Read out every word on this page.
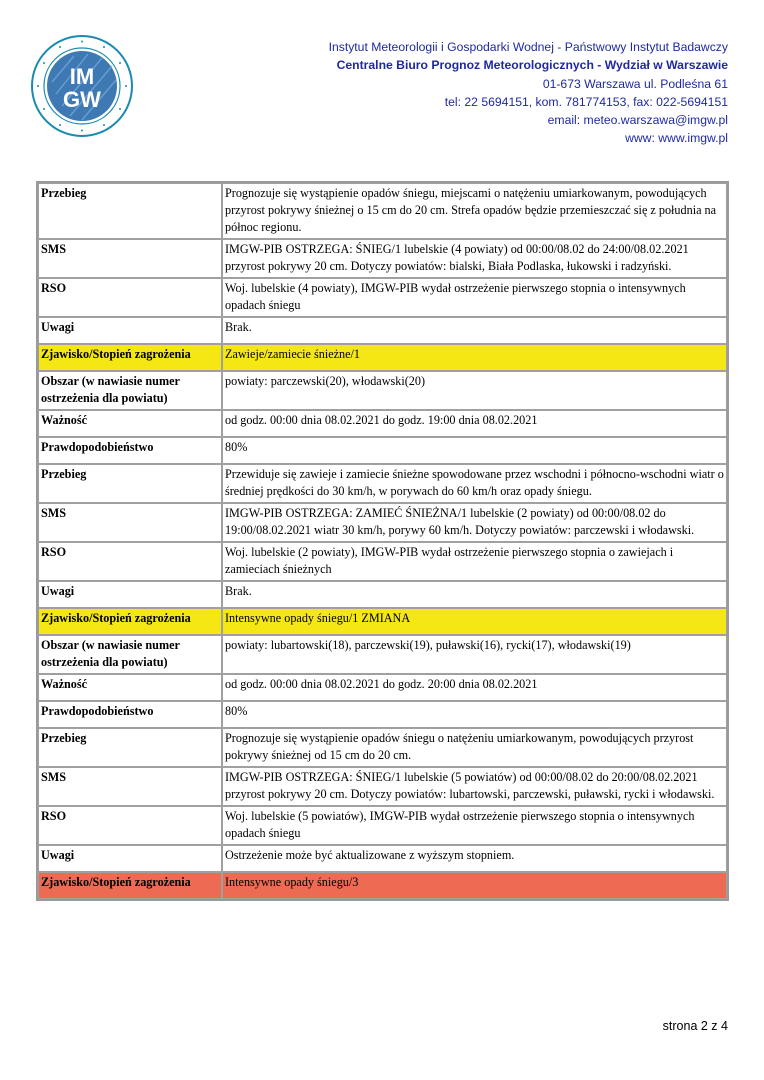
IM
GW
Instytut Meteorologii i Gospodarki Wodnej - Państwowy Instytut Badawczy
Centralne Biuro Prognoz Meteorologicznych - Wydział w Warszawie
01-673 Warszawa ul. Podleśna 61
tel: 22 5694151, kom. 781774153, fax: 022-5694151
email: meteo.warszawa@imgw.pl
www: www.imgw.pl
Przebieg	Prognozuje się wystąpienie opadów śniegu, miejscami o natężeniu umiarkowanym, powodujących przyrost pokrywy śnieżnej o 15 cm do 20 cm. Strefa opadów będzie przemieszczać się z południa na północ regionu.
SMS	IMGW-PIB OSTRZEGA: ŚNIEG/1 lubelskie (4 powiaty) od 00:00/08.02 do 24:00/08.02.2021 przyrost pokrywy 20 cm. Dotyczy powiatów: bialski, Biała Podlaska, łukowski i radzyński.
RSO	Woj. lubelskie (4 powiaty), IMGW-PIB wydał ostrzeżenie pierwszego stopnia o intensywnych opadach śniegu
Uwagi	Brak.
Zjawisko/Stopień zagrożenia	Zawieje/zamiecie śnieżne/1
Obszar (w nawiasie numer ostrzeżenia dla powiatu)	powiaty: parczewski(20), włodawski(20)
Ważność	od godz. 00:00 dnia 08.02.2021 do godz. 19:00 dnia 08.02.2021
Prawdopodobieństwo	80%
Przebieg	Przewiduje się zawieje i zamiecie śnieżne spowodowane przez wschodni i północno-wschodni wiatr o średniej prędkości do 30 km/h, w porywach do 60 km/h oraz opady śniegu.
SMS	IMGW-PIB OSTRZEGA: ZAMIEĆ ŚNIEŻNA/1 lubelskie (2 powiaty) od 00:00/08.02 do 19:00/08.02.2021 wiatr 30 km/h, porywy 60 km/h. Dotyczy powiatów: parczewski i włodawski.
RSO	Woj. lubelskie (2 powiaty), IMGW-PIB wydał ostrzeżenie pierwszego stopnia o zawiejach i zamieciach śnieżnych
Uwagi	Brak.
Zjawisko/Stopień zagrożenia	Intensywne opady śniegu/1 ZMIANA
Obszar (w nawiasie numer ostrzeżenia dla powiatu)	powiaty: lubartowski(18), parczewski(19), puławski(16), rycki(17), włodawski(19)
Ważność	od godz. 00:00 dnia 08.02.2021 do godz. 20:00 dnia 08.02.2021
Prawdopodobieństwo	80%
Przebieg	Prognozuje się wystąpienie opadów śniegu o natężeniu umiarkowanym, powodujących przyrost pokrywy śnieżnej od 15 cm do 20 cm.
SMS	IMGW-PIB OSTRZEGA: ŚNIEG/1 lubelskie (5 powiatów) od 00:00/08.02 do 20:00/08.02.2021 przyrost pokrywy 20 cm. Dotyczy powiatów: lubartowski, parczewski, puławski, rycki i włodawski.
RSO	Woj. lubelskie (5 powiatów), IMGW-PIB wydał ostrzeżenie pierwszego stopnia o intensywnych opadach śniegu
Uwagi	Ostrzeżenie może być aktualizowane z wyższym stopniem.
Zjawisko/Stopień zagrożenia	Intensywne opady śniegu/3
strona 2 z 4
